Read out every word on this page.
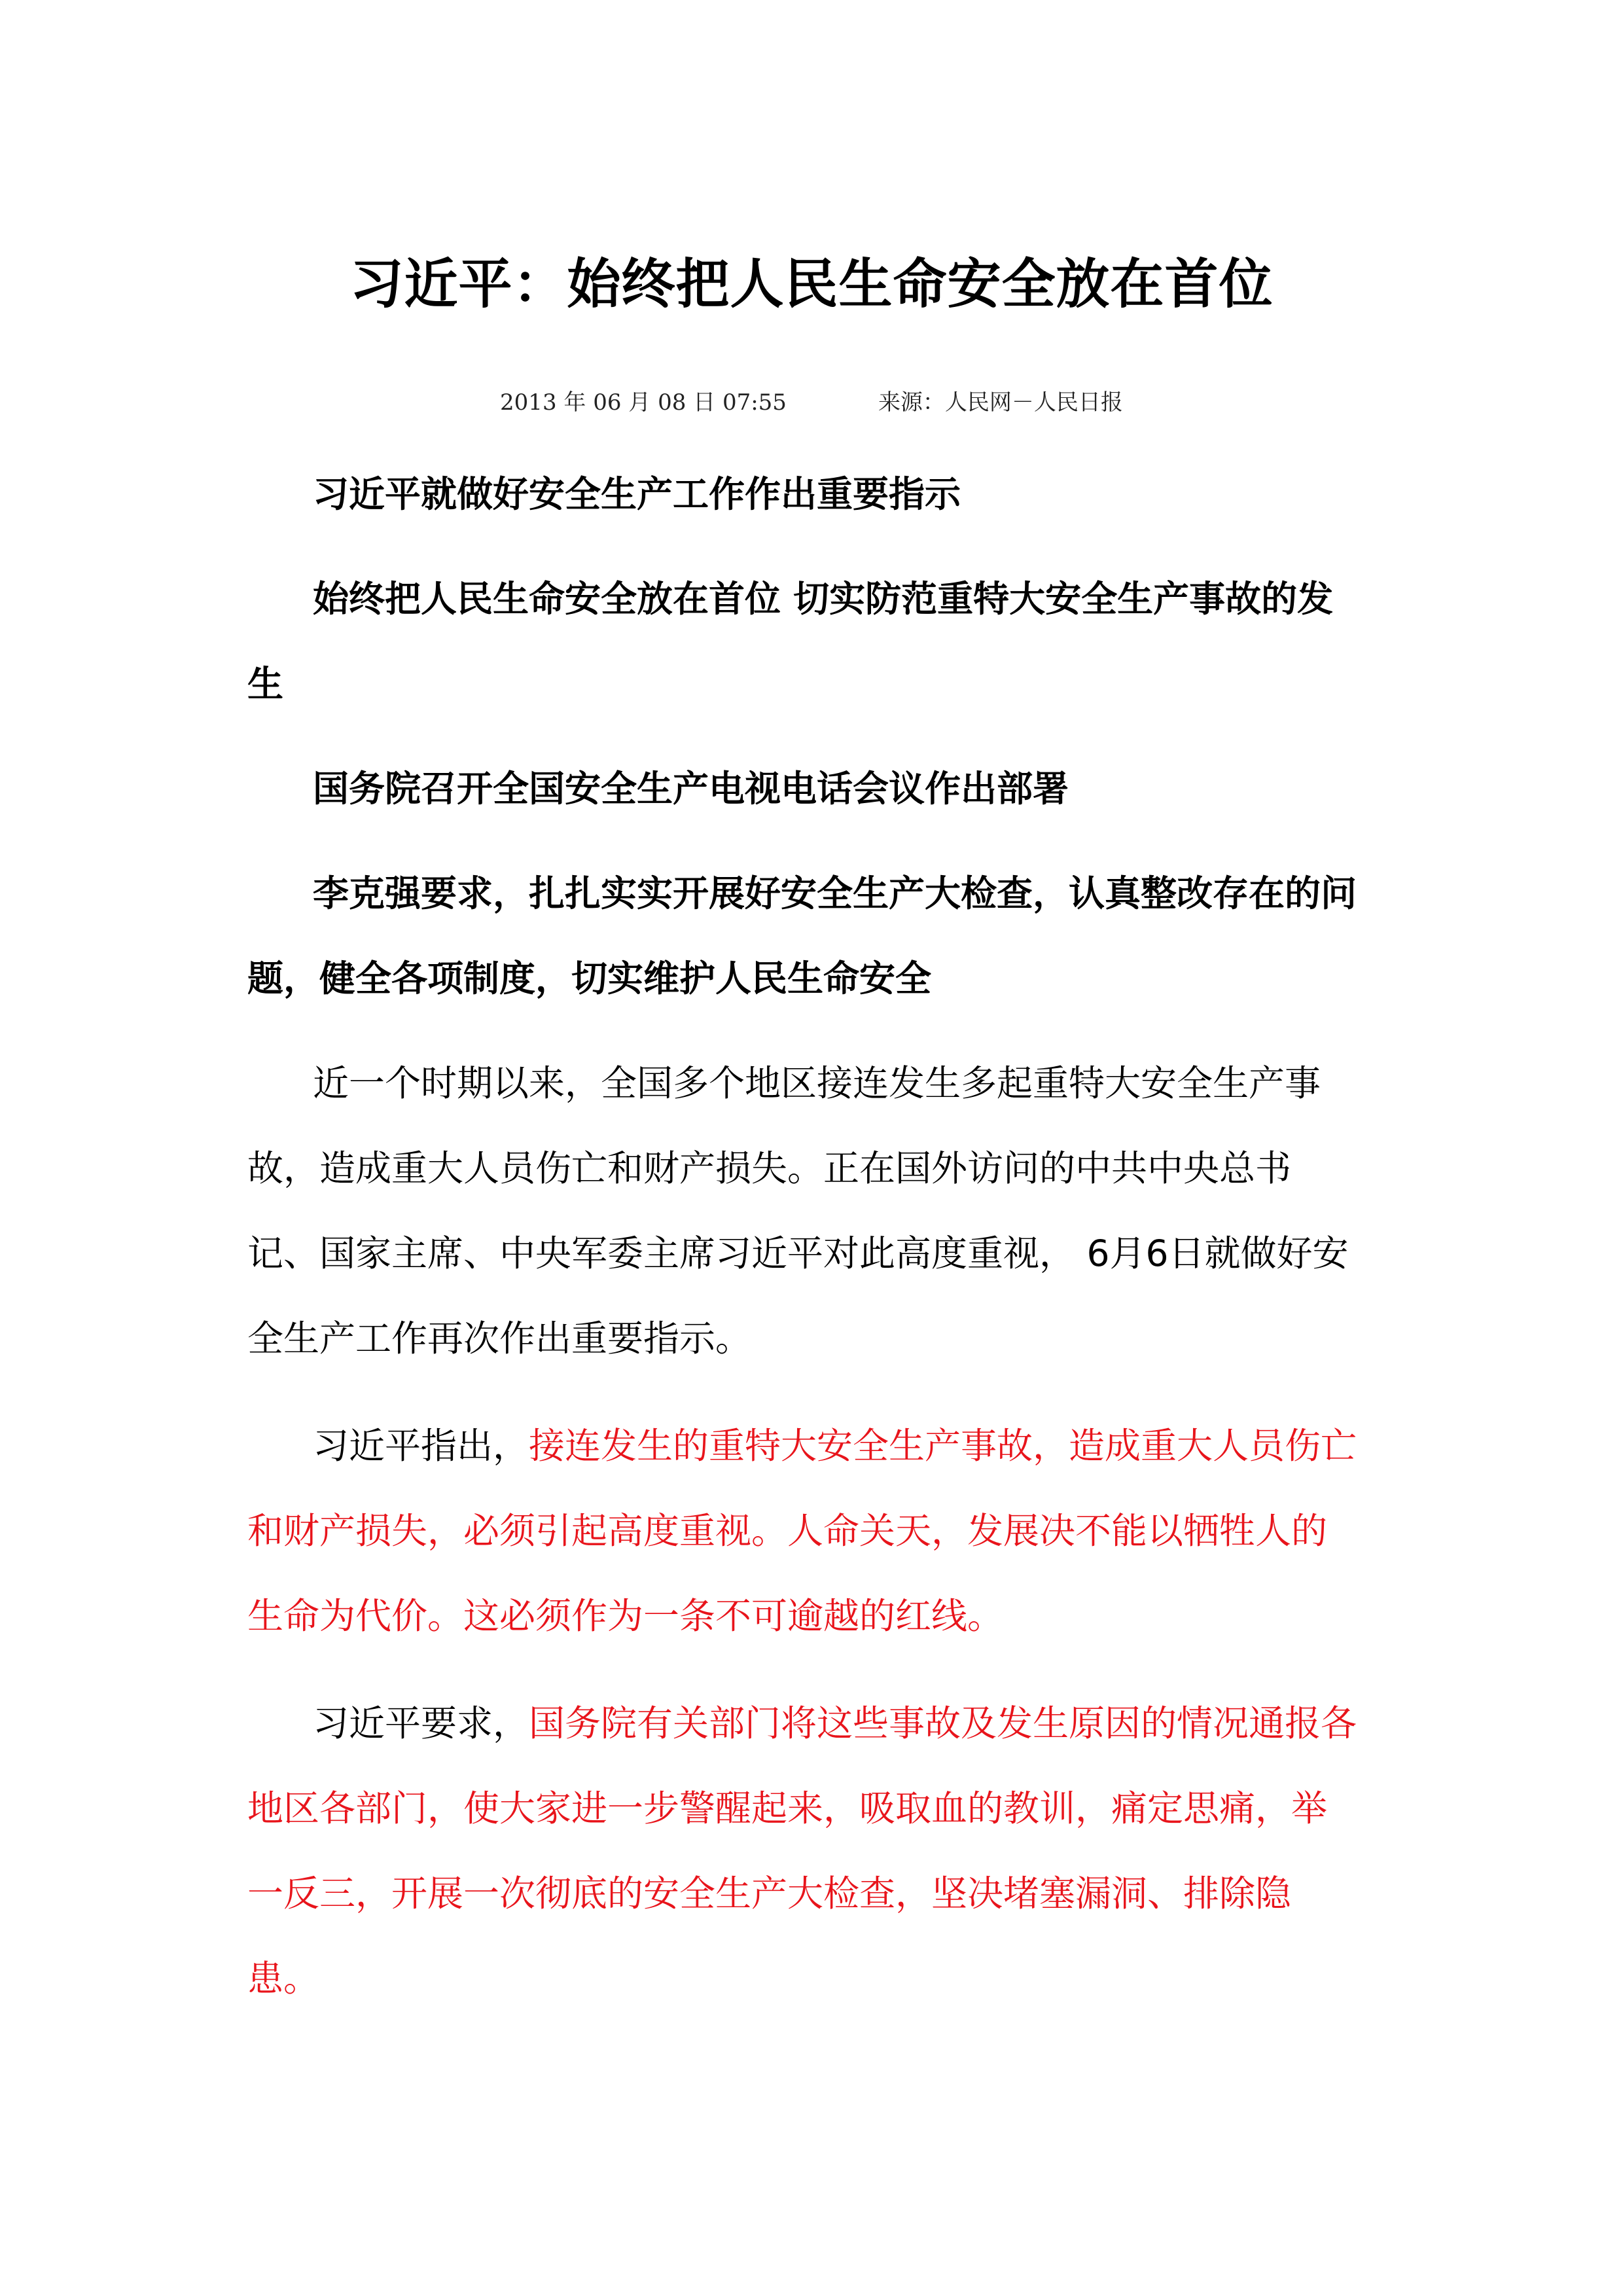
习近平：始终把人民生命安全放在首位
2013 年 06 月 08 日 07:55	来源：人民网－人民日报

习近平就做好安全生产工作作出重要指示

始终把人民生命安全放在首位 切实防范重特大安全生产事故的发生

国务院召开全国安全生产电视电话会议作出部署

李克强要求，扎扎实实开展好安全生产大检查，认真整改存在的问题，健全各项制度，切实维护人民生命安全

近一个时期以来，全国多个地区接连发生多起重特大安全生产事故，造成重大人员伤亡和财产损失。正在国外访问的中共中央总书记、国家主席、中央军委主席习近平对此高度重视， 6月6日就做好安全生产工作再次作出重要指示。

习近平指出，接连发生的重特大安全生产事故，造成重大人员伤亡和财产损失，必须引起高度重视。人命关天，发展决不能以牺牲人的生命为代价。这必须作为一条不可逾越的红线。

习近平要求，国务院有关部门将这些事故及发生原因的情况通报各地区各部门，使大家进一步警醒起来，吸取血的教训，痛定思痛，举一反三，开展一次彻底的安全生产大检查，坚决堵塞漏洞、排除隐患。
